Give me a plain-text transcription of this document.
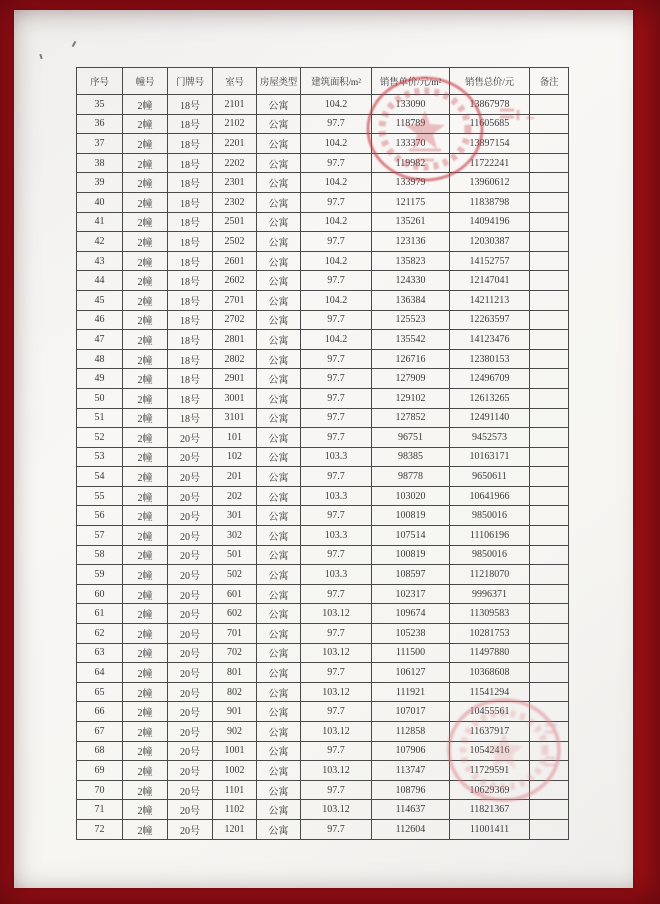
序号	幢号	门牌号	室号	房屋类型	建筑面积/m²	销售单价/元/m²	销售总价/元	备注
35	2幢	18号	2101	公寓	104.2	133090	13867978	
36	2幢	18号	2102	公寓	97.7	118789	11605685	
37	2幢	18号	2201	公寓	104.2	133370	13897154	
38	2幢	18号	2202	公寓	97.7	119982	11722241	
39	2幢	18号	2301	公寓	104.2	133979	13960612	
40	2幢	18号	2302	公寓	97.7	121175	11838798	
41	2幢	18号	2501	公寓	104.2	135261	14094196	
42	2幢	18号	2502	公寓	97.7	123136	12030387	
43	2幢	18号	2601	公寓	104.2	135823	14152757	
44	2幢	18号	2602	公寓	97.7	124330	12147041	
45	2幢	18号	2701	公寓	104.2	136384	14211213	
46	2幢	18号	2702	公寓	97.7	125523	12263597	
47	2幢	18号	2801	公寓	104.2	135542	14123476	
48	2幢	18号	2802	公寓	97.7	126716	12380153	
49	2幢	18号	2901	公寓	97.7	127909	12496709	
50	2幢	18号	3001	公寓	97.7	129102	12613265	
51	2幢	18号	3101	公寓	97.7	127852	12491140	
52	2幢	20号	101	公寓	97.7	96751	9452573	
53	2幢	20号	102	公寓	103.3	98385	10163171	
54	2幢	20号	201	公寓	97.7	98778	9650611	
55	2幢	20号	202	公寓	103.3	103020	10641966	
56	2幢	20号	301	公寓	97.7	100819	9850016	
57	2幢	20号	302	公寓	103.3	107514	11106196	
58	2幢	20号	501	公寓	97.7	100819	9850016	
59	2幢	20号	502	公寓	103.3	108597	11218070	
60	2幢	20号	601	公寓	97.7	102317	9996371	
61	2幢	20号	602	公寓	103.12	109674	11309583	
62	2幢	20号	701	公寓	97.7	105238	10281753	
63	2幢	20号	702	公寓	103.12	111500	11497880	
64	2幢	20号	801	公寓	97.7	106127	10368608	
65	2幢	20号	802	公寓	103.12	111921	11541294	
66	2幢	20号	901	公寓	97.7	107017	10455561	
67	2幢	20号	902	公寓	103.12	112858	11637917	
68	2幢	20号	1001	公寓	97.7	107906	10542416	
69	2幢	20号	1002	公寓	103.12	113747	11729591	
70	2幢	20号	1101	公寓	97.7	108796	10629369	
71	2幢	20号	1102	公寓	103.12	114637	11821367	
72	2幢	20号	1201	公寓	97.7	112604	11001411	
